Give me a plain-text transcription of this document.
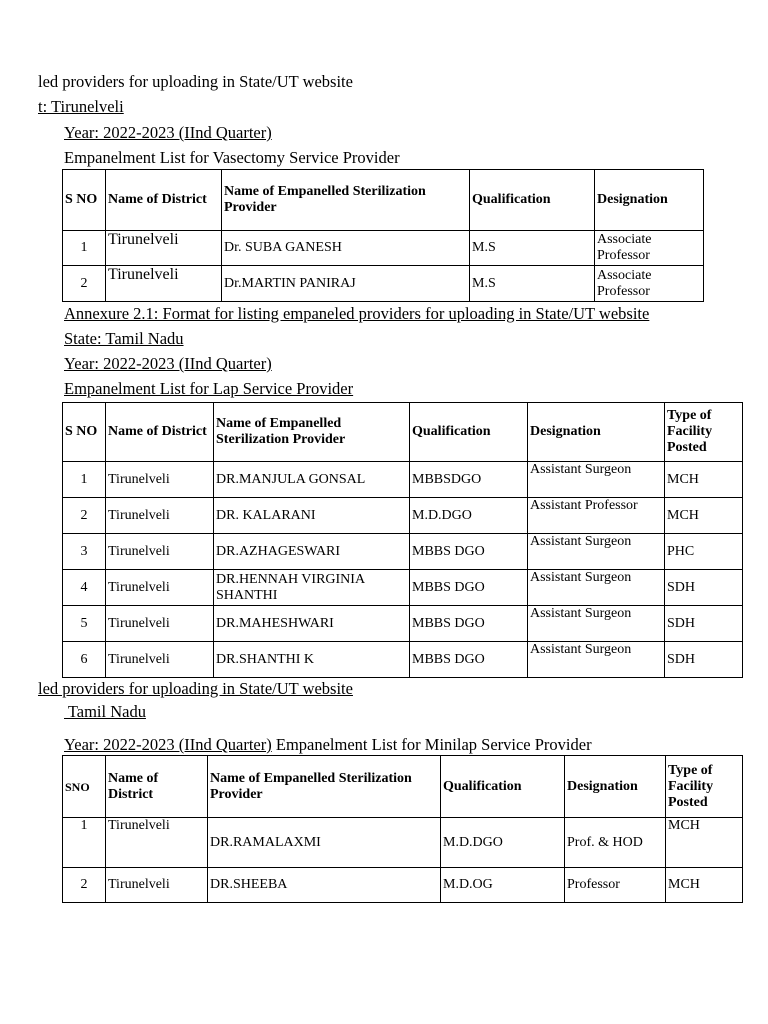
led providers for uploading in State/UT website
t: Tirunelveli
Year: 2022-2023 (IInd Quarter)
Empanelment List for Vasectomy Service Provider
S NO	Name of District	Name of Empanelled Sterilization Provider	Qualification	Designation
1	Tirunelveli	Dr. SUBA GANESH	M.S	Associate Professor
2	Tirunelveli	Dr.MARTIN PANIRAJ	M.S	Associate Professor
Annexure 2.1: Format for listing empaneled providers for uploading in State/UT website
State: Tamil Nadu
Year: 2022-2023 (IInd Quarter)
Empanelment List for Lap Service Provider
S NO	Name of District	Name of Empanelled Sterilization Provider	Qualification	Designation	Type of Facility Posted
1	Tirunelveli	DR.MANJULA GONSAL	MBBSDGO	Assistant Surgeon	MCH
2	Tirunelveli	DR. KALARANI	M.D.DGO	Assistant Professor	MCH
3	Tirunelveli	DR.AZHAGESWARI	MBBS DGO	Assistant Surgeon	PHC
4	Tirunelveli	DR.HENNAH VIRGINIA SHANTHI	MBBS DGO	Assistant Surgeon	SDH
5	Tirunelveli	DR.MAHESHWARI	MBBS DGO	Assistant Surgeon	SDH
6	Tirunelveli	DR.SHANTHI K	MBBS DGO	Assistant Surgeon	SDH
led providers for uploading in State/UT website
Tamil Nadu
Year: 2022-2023 (IInd Quarter) Empanelment List for Minilap Service Provider
SNO	Name of District	Name of Empanelled Sterilization Provider	Qualification	Designation	Type of Facility Posted
1	Tirunelveli	DR.RAMALAXMI	M.D.DGO	Prof. & HOD	MCH
2	Tirunelveli	DR.SHEEBA	M.D.OG	Professor	MCH
